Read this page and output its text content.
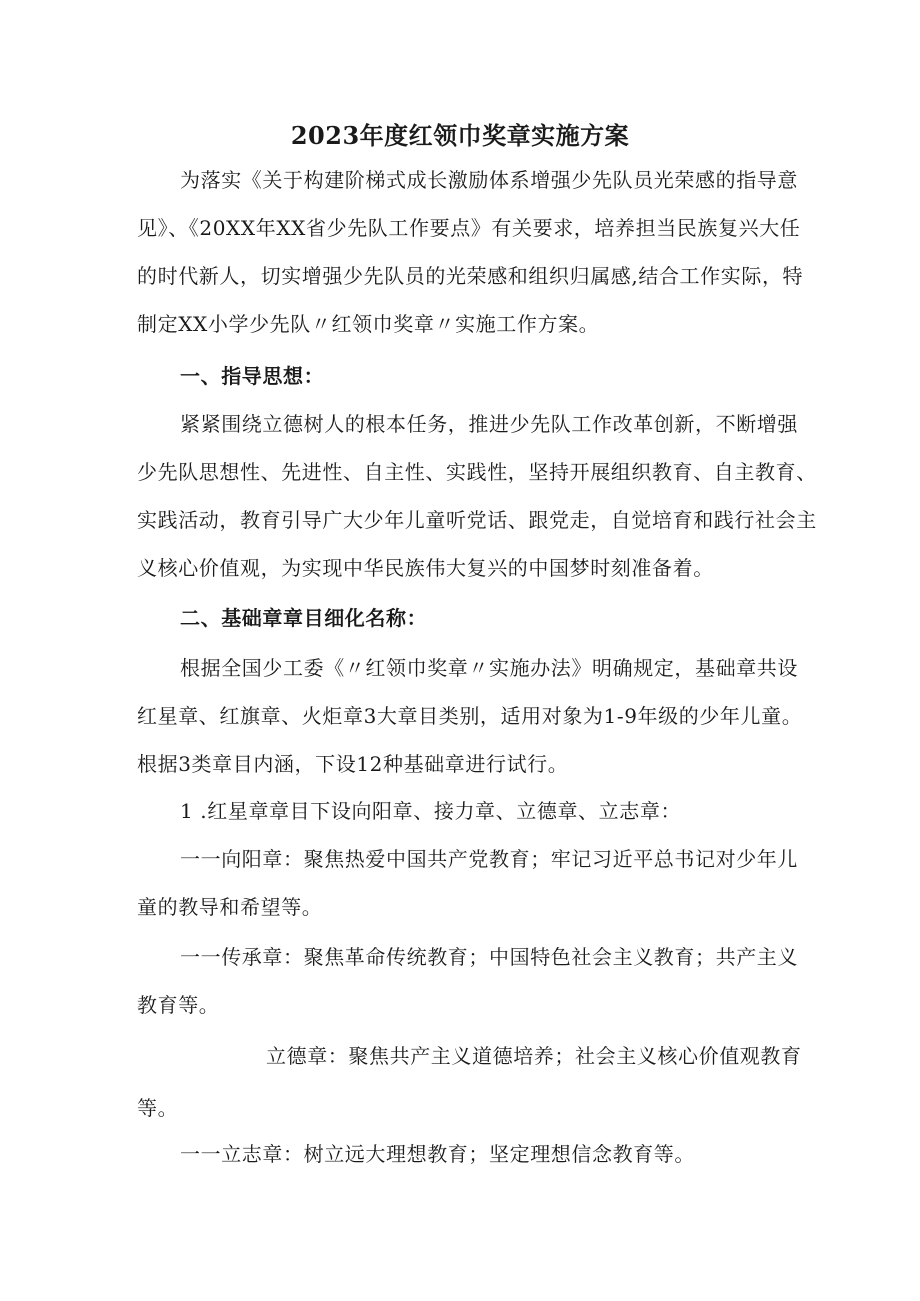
2023年度红领巾奖章实施方案
为落实《关于构建阶梯式成长激励体系增强少先队员光荣感的指导意
见》、《20XX年XX省少先队工作要点》有关要求，培养担当民族复兴大任
的时代新人，切实增强少先队员的光荣感和组织归属感,结合工作实际，特
制定XX小学少先队〃红领巾奖章〃实施工作方案。
一、指导思想：
紧紧围绕立德树人的根本任务，推进少先队工作改革创新，不断增强
少先队思想性、先进性、自主性、实践性，坚持开展组织教育、自主教育、
实践活动，教育引导广大少年儿童听党话、跟党走，自觉培育和践行社会主
义核心价值观，为实现中华民族伟大复兴的中国梦时刻准备着。
二、基础章章目细化名称：
根据全国少工委《〃红领巾奖章〃实施办法》明确规定，基础章共设
红星章、红旗章、火炬章3大章目类别，适用对象为1-9年级的少年儿童。
根据3类章目内涵，下设12种基础章进行试行。
1 .红星章章目下设向阳章、接力章、立德章、立志章：
一一向阳章：聚焦热爱中国共产党教育；牢记习近平总书记对少年儿
童的教导和希望等。
一一传承章：聚焦革命传统教育；中国特色社会主义教育；共产主义
教育等。
立德章：聚焦共产主义道德培养；社会主义核心价值观教育
等。
一一立志章：树立远大理想教育；坚定理想信念教育等。
